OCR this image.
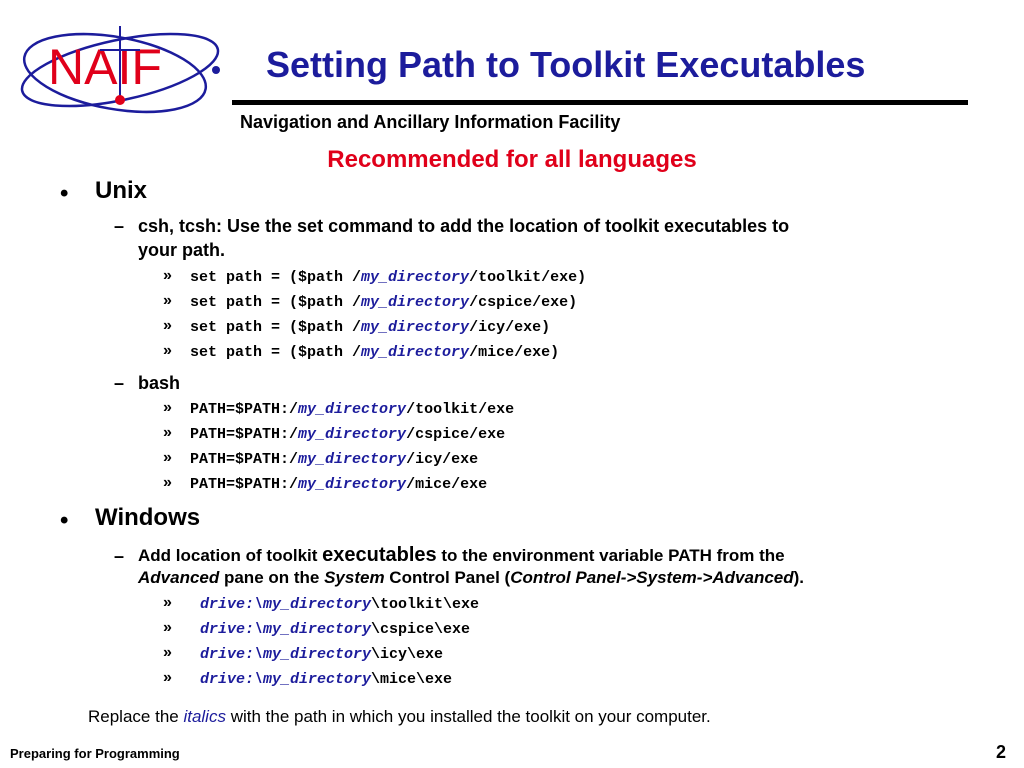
NAIF	Setting Path to Toolkit Executables
Navigation and Ancillary Information Facility
Recommended for all languages
• Unix
– csh, tcsh: Use the set command to add the location of toolkit executables to
your path.
» set path = ($path /my_directory/toolkit/exe)
» set path = ($path /my_directory/cspice/exe)
» set path = ($path /my_directory/icy/exe)
» set path = ($path /my_directory/mice/exe)
– bash
» PATH=$PATH:/my_directory/toolkit/exe
» PATH=$PATH:/my_directory/cspice/exe
» PATH=$PATH:/my_directory/icy/exe
» PATH=$PATH:/my_directory/mice/exe
• Windows
– Add location of toolkit executables to the environment variable PATH from the
Advanced pane on the System Control Panel (Control Panel->System->Advanced).
» drive:\my_directory\toolkit\exe
» drive:\my_directory\cspice\exe
» drive:\my_directory\icy\exe
» drive:\my_directory\mice\exe
Replace the italics with the path in which you installed the toolkit on your computer.
Preparing for Programming	2
